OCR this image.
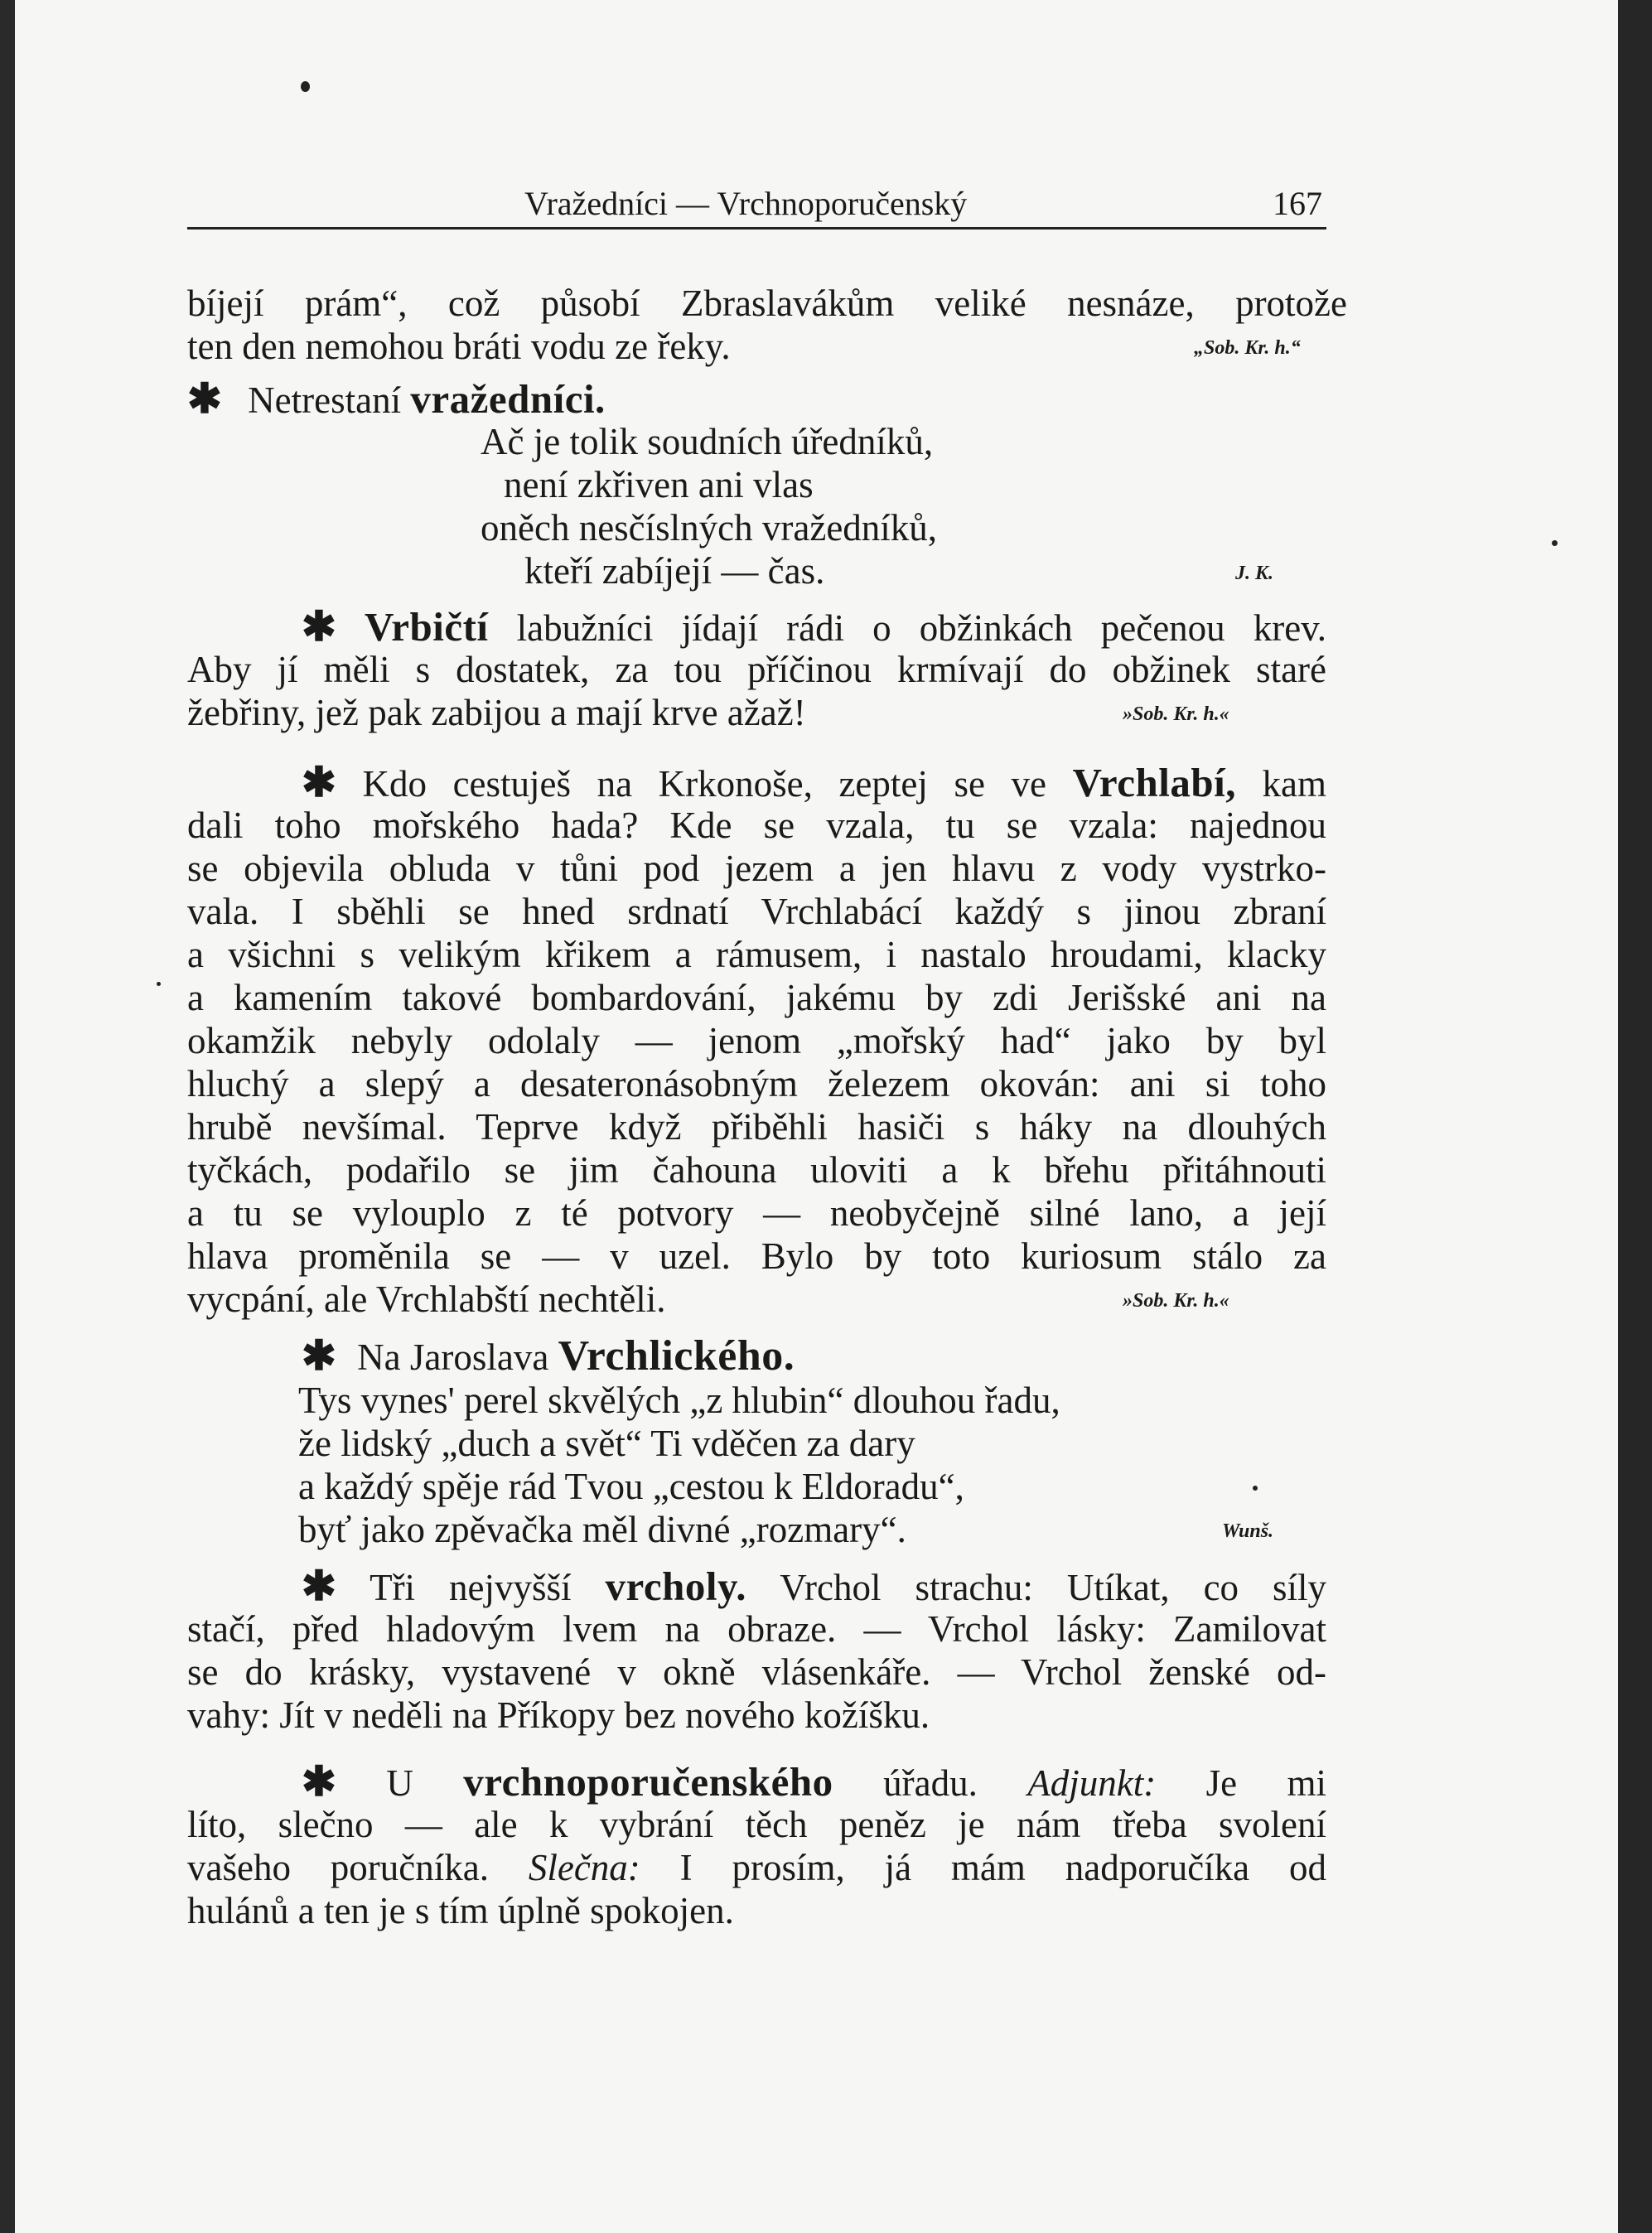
Vražedníci — Vrchnoporučenský	167
bíjejí prám“, což působí Zbraslavákům veliké nesnáze, protože
ten den nemohou bráti vodu ze řeky.	„Sob. Kr. h.“
✱ Netrestaní vražedníci.
Ač je tolik soudních úředníků,
není zkřiven ani vlas
oněch nesčíslných vražedníků,
kteří zabíjejí — čas.	J. K.
✱ Vrbičtí labužníci jídají rádi o obžinkách pečenou krev.
Aby jí měli s dostatek, za tou příčinou krmívají do obžinek staré
žebřiny, jež pak zabijou a mají krve ažaž!	»Sob. Kr. h.«
✱ Kdo cestuješ na Krkonoše, zeptej se ve Vrchlabí, kam
dali toho mořského hada? Kde se vzala, tu se vzala: najednou
se objevila obluda v tůni pod jezem a jen hlavu z vody vystrko-
vala. I sběhli se hned srdnatí Vrchlabácí každý s jinou zbraní
a všichni s velikým křikem a rámusem, i nastalo hroudami, klacky
a kamením takové bombardování, jakému by zdi Jerišské ani na
okamžik nebyly odolaly — jenom „mořský had“ jako by byl
hluchý a slepý a desateronásobným železem okován: ani si toho
hrubě nevšímal. Teprve když přiběhli hasiči s háky na dlouhých
tyčkách, podařilo se jim čahouna uloviti a k břehu přitáhnouti
a tu se vylouplo z té potvory — neobyčejně silné lano, a její
hlava proměnila se — v uzel. Bylo by toto kuriosum stálo za
vycpání, ale Vrchlabští nechtěli.	»Sob. Kr. h.«
✱ Na Jaroslava Vrchlického.
Tys vynes' perel skvělých „z hlubin“ dlouhou řadu,
že lidský „duch a svět“ Ti vděčen za dary
a každý spěje rád Tvou „cestou k Eldoradu“,
byť jako zpěvačka měl divné „rozmary“.	Wunš.
✱ Tři nejvyšší vrcholy. Vrchol strachu: Utíkat, co síly
stačí, před hladovým lvem na obraze. — Vrchol lásky: Zamilovat
se do krásky, vystavené v okně vlásenkáře. — Vrchol ženské od-
vahy: Jít v neděli na Příkopy bez nového kožíšku.
✱ U vrchnoporučenského úřadu. Adjunkt: Je mi
líto, slečno — ale k vybrání těch peněz je nám třeba svolení
vašeho poručníka. Slečna: I prosím, já mám nadporučíka od
hulánů a ten je s tím úplně spokojen.
